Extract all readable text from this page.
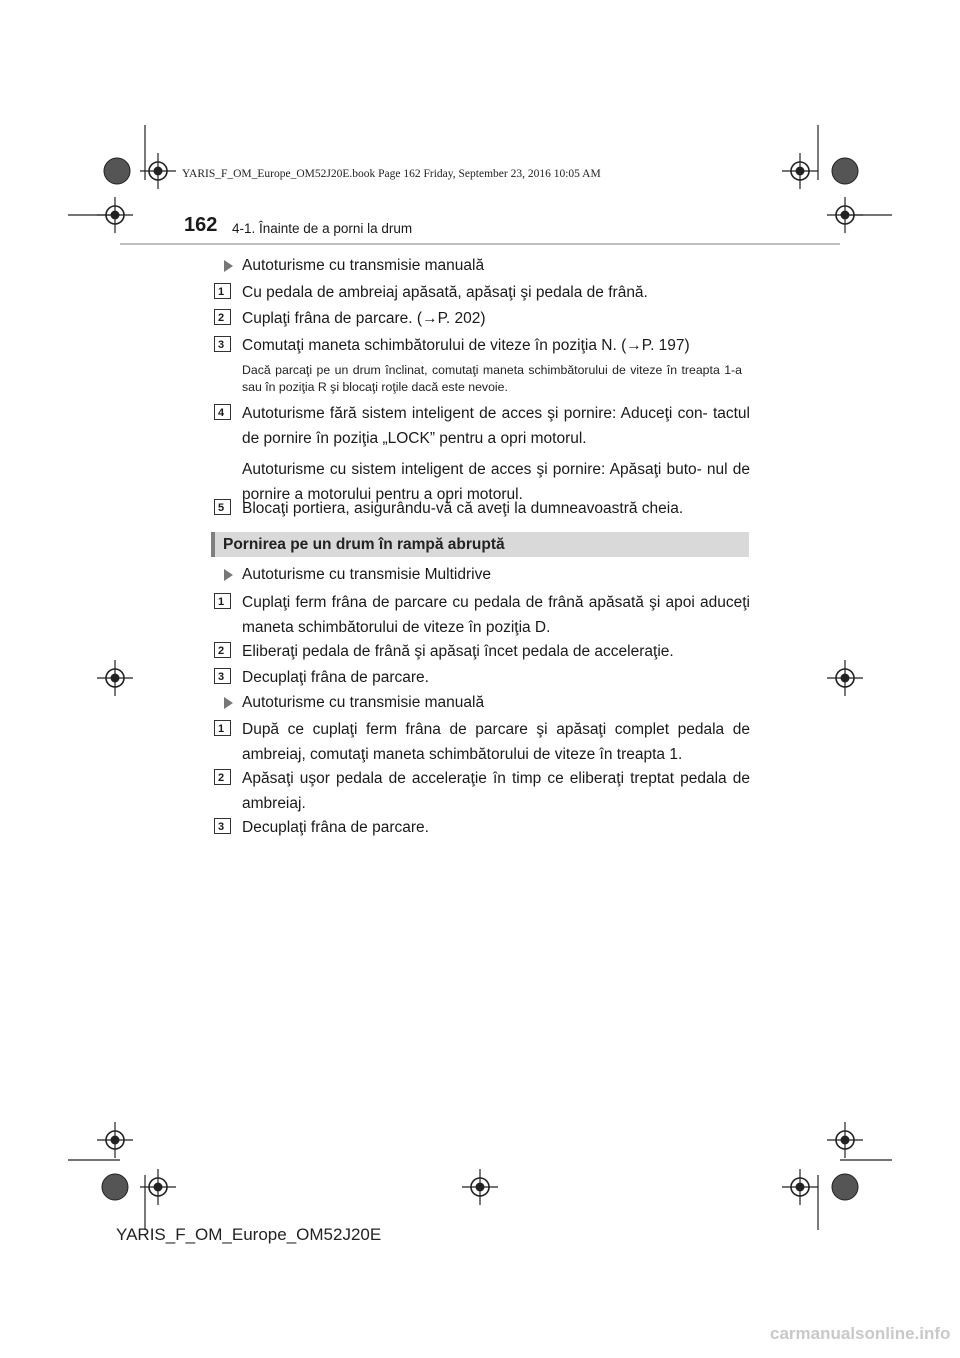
YARIS_F_OM_Europe_OM52J20E.book Page 162 Friday, September 23, 2016 10:05 AM
162 4-1. Înainte de a porni la drum
Autoturisme cu transmisie manuală
1	Cu pedala de ambreiaj apăsată, apăsaţi şi pedala de frână.
2	Cuplaţi frâna de parcare. (→P. 202)
3	Comutaţi maneta schimbătorului de viteze în poziţia N. (→P. 197)
Dacă parcaţi pe un drum înclinat, comutaţi maneta schimbătorului de viteze în treapta 1-a sau în poziţia R şi blocaţi roţile dacă este nevoie.
4	Autoturisme fără sistem inteligent de acces şi pornire: Aduceţi con- tactul de pornire în poziţia „LOCK” pentru a opri motorul.
Autoturisme cu sistem inteligent de acces şi pornire: Apăsaţi buto- nul de pornire a motorului pentru a opri motorul.
5	Blocaţi portiera, asigurându-vă că aveţi la dumneavoastră cheia.
Pornirea pe un drum în rampă abruptă
Autoturisme cu transmisie Multidrive
1	Cuplaţi ferm frâna de parcare cu pedala de frână apăsată şi apoi aduceţi maneta schimbătorului de viteze în poziţia D.
2	Eliberaţi pedala de frână şi apăsaţi încet pedala de acceleraţie.
3	Decuplaţi frâna de parcare.
Autoturisme cu transmisie manuală
1	După ce cuplaţi ferm frâna de parcare şi apăsaţi complet pedala de ambreiaj, comutaţi maneta schimbătorului de viteze în treapta 1.
2	Apăsaţi uşor pedala de acceleraţie în timp ce eliberaţi treptat pedala de ambreiaj.
3	Decuplaţi frâna de parcare.
YARIS_F_OM_Europe_OM52J20E
carmanualsonline.info
